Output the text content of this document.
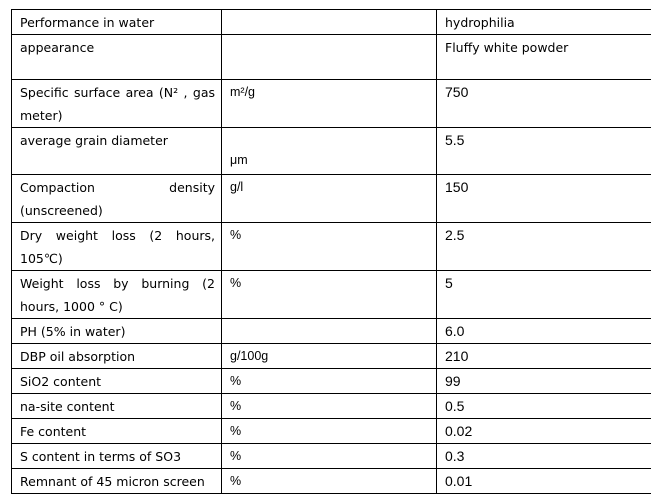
Performance in water		hydrophilia
appearance		Fluffy white powder
Specific surface area (N² , gas meter)	m²/g	750
average grain diameter	μm	5.5
Compaction density (unscreened)	g/l	150
Dry weight loss (2 hours, 105℃)	%	2.5
Weight loss by burning (2 hours, 1000 ° C)	%	5
PH (5% in water)		6.0
DBP oil absorption	g/100g	210
SiO2 content	%	99
na-site content	%	0.5
Fe content	%	0.02
S content in terms of SO3	%	0.3
Remnant of 45 micron screen	%	0.01
